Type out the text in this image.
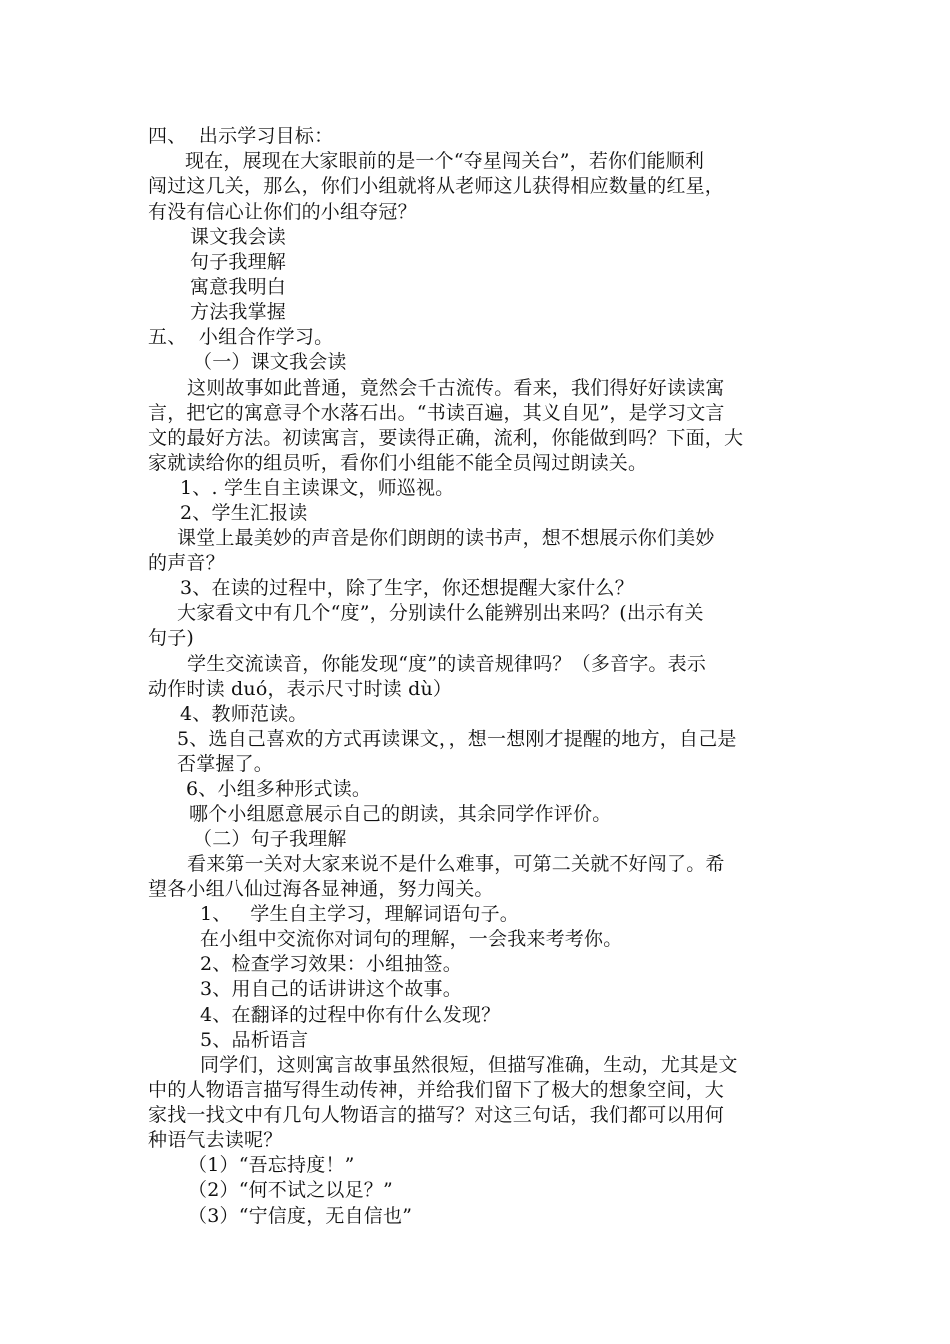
四、  出示学习目标：
现在，展现在大家眼前的是一个“夺星闯关台”，若你们能顺利
闯过这几关，那么，你们小组就将从老师这儿获得相应数量的红星，
有没有信心让你们的小组夺冠？
课文我会读
句子我理解
寓意我明白
方法我掌握
五、  小组合作学习。
（一）课文我会读
这则故事如此普通，竟然会千古流传。看来，我们得好好读读寓
言，把它的寓意寻个水落石出。“书读百遍，其义自见”，是学习文言
文的最好方法。初读寓言，要读得正确，流利，你能做到吗？下面，大
家就读给你的组员听，看你们小组能不能全员闯过朗读关。
1、. 学生自主读课文，师巡视。
2、学生汇报读
课堂上最美妙的声音是你们朗朗的读书声，想不想展示你们美妙
的声音？
3、在读的过程中，除了生字，你还想提醒大家什么？
大家看文中有几个“度”，分别读什么能辨别出来吗？(出示有关
句子)
学生交流读音，你能发现“度”的读音规律吗？（多音字。表示
动作时读 duó，表示尺寸时读 dù）
4、教师范读。
5、选自己喜欢的方式再读课文，，想一想刚才提醒的地方，自己是
否掌握了。
6、小组多种形式读。
哪个小组愿意展示自己的朗读，其余同学作评价。
（二）句子我理解
看来第一关对大家来说不是什么难事，可第二关就不好闯了。希
望各小组八仙过海各显神通，努力闯关。
1、   学生自主学习，理解词语句子。
在小组中交流你对词句的理解，一会我来考考你。
2、检查学习效果：小组抽签。
3、用自己的话讲讲这个故事。
4、在翻译的过程中你有什么发现？
5、品析语言
同学们，这则寓言故事虽然很短，但描写准确，生动，尤其是文
中的人物语言描写得生动传神，并给我们留下了极大的想象空间，大
家找一找文中有几句人物语言的描写？对这三句话，我们都可以用何
种语气去读呢？
（1）“吾忘持度！”
（2）“何不试之以足？”
（3）“宁信度，无自信也”
